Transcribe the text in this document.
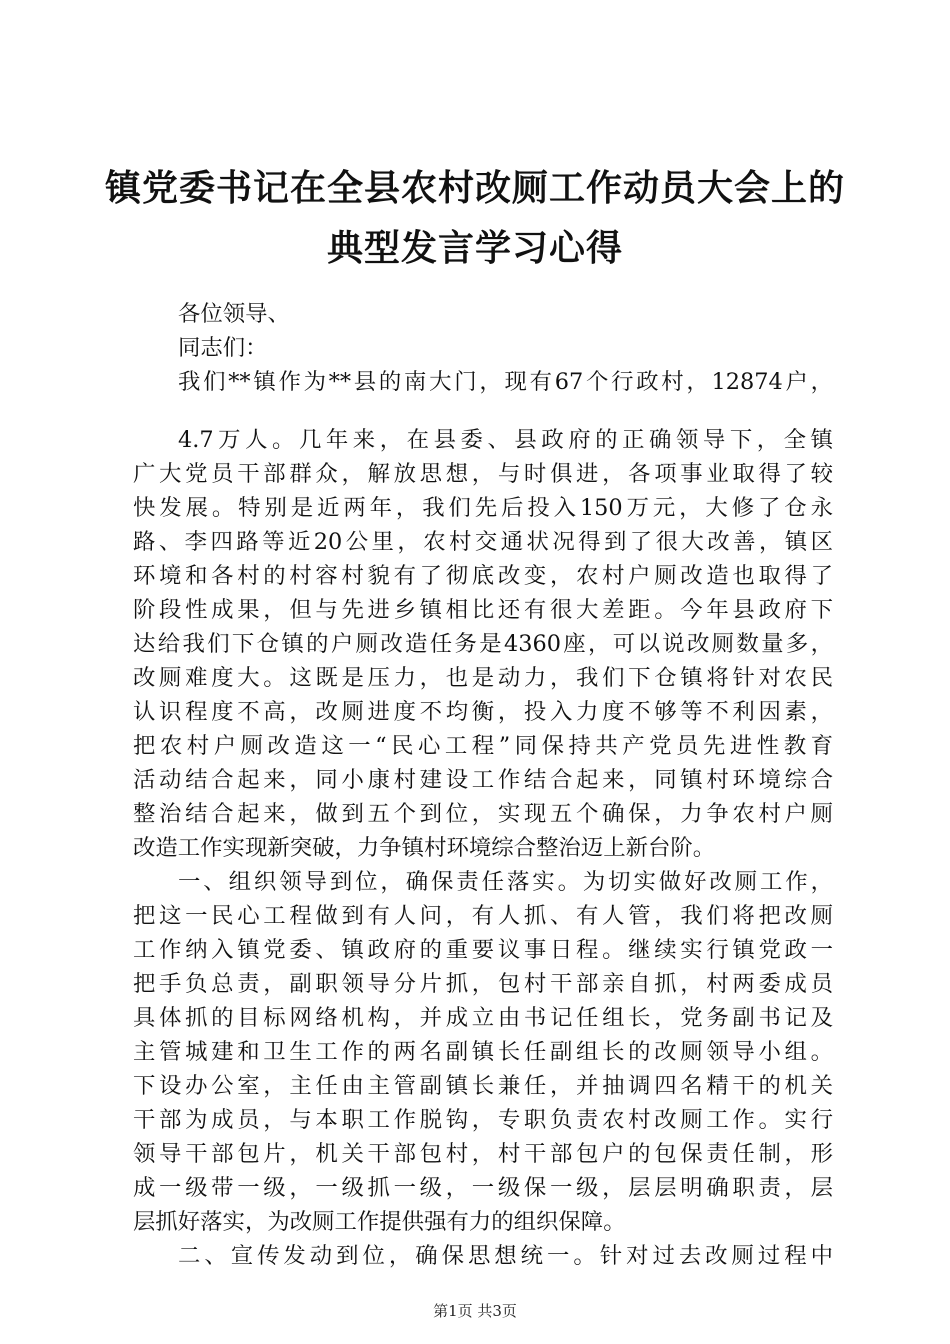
镇党委书记在全县农村改厕工作动员大会上的
典型发言学习心得
各位领导、
同志们：
我们**镇作为**县的南大门，现有67个行政村，12874户，
4.7万人。几年来，在县委、县政府的正确领导下，全镇
广大党员干部群众，解放思想，与时俱进，各项事业取得了较
快发展。特别是近两年，我们先后投入150万元，大修了仓永
路、李四路等近20公里，农村交通状况得到了很大改善，镇区
环境和各村的村容村貌有了彻底改变，农村户厕改造也取得了
阶段性成果，但与先进乡镇相比还有很大差距。今年县政府下
达给我们下仓镇的户厕改造任务是4360座，可以说改厕数量多，
改厕难度大。这既是压力，也是动力，我们下仓镇将针对农民
认识程度不高，改厕进度不均衡，投入力度不够等不利因素，
把农村户厕改造这一“民心工程”同保持共产党员先进性教育
活动结合起来，同小康村建设工作结合起来，同镇村环境综合
整治结合起来，做到五个到位，实现五个确保，力争农村户厕
改造工作实现新突破，力争镇村环境综合整治迈上新台阶。
一、组织领导到位，确保责任落实。为切实做好改厕工作，
把这一民心工程做到有人问，有人抓、有人管，我们将把改厕
工作纳入镇党委、镇政府的重要议事日程。继续实行镇党政一
把手负总责，副职领导分片抓，包村干部亲自抓，村两委成员
具体抓的目标网络机构，并成立由书记任组长，党务副书记及
主管城建和卫生工作的两名副镇长任副组长的改厕领导小组。
下设办公室，主任由主管副镇长兼任，并抽调四名精干的机关
干部为成员，与本职工作脱钩，专职负责农村改厕工作。实行
领导干部包片，机关干部包村，村干部包户的包保责任制，形
成一级带一级，一级抓一级，一级保一级，层层明确职责，层
层抓好落实，为改厕工作提供强有力的组织保障。
二、宣传发动到位，确保思想统一。针对过去改厕过程中
第1页 共3页
